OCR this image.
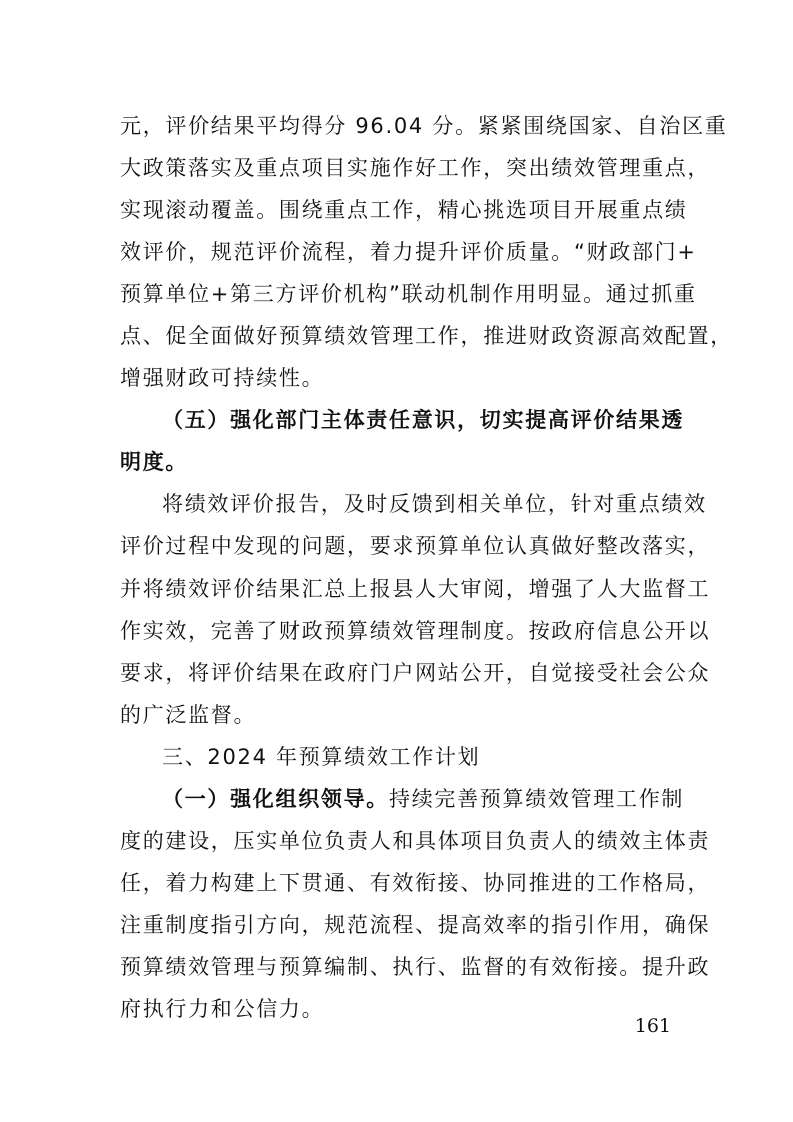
元，评价结果平均得分 96.04 分。紧紧围绕国家、自治区重
大政策落实及重点项目实施作好工作，突出绩效管理重点，
实现滚动覆盖。围绕重点工作，精心挑选项目开展重点绩
效评价，规范评价流程，着力提升评价质量。“财政部门+
预算单位+第三方评价机构”联动机制作用明显。通过抓重
点、促全面做好预算绩效管理工作，推进财政资源高效配置，
增强财政可持续性。
（五）强化部门主体责任意识，切实提高评价结果透
明度。
将绩效评价报告，及时反馈到相关单位，针对重点绩效
评价过程中发现的问题，要求预算单位认真做好整改落实，
并将绩效评价结果汇总上报县人大审阅，增强了人大监督工
作实效，完善了财政预算绩效管理制度。按政府信息公开以
要求，将评价结果在政府门户网站公开，自觉接受社会公众
的广泛监督。
三、2024 年预算绩效工作计划
（一）强化组织领导。持续完善预算绩效管理工作制
度的建设，压实单位负责人和具体项目负责人的绩效主体责
任，着力构建上下贯通、有效衔接、协同推进的工作格局，
注重制度指引方向，规范流程、提高效率的指引作用，确保
预算绩效管理与预算编制、执行、监督的有效衔接。提升政
府执行力和公信力。
161
